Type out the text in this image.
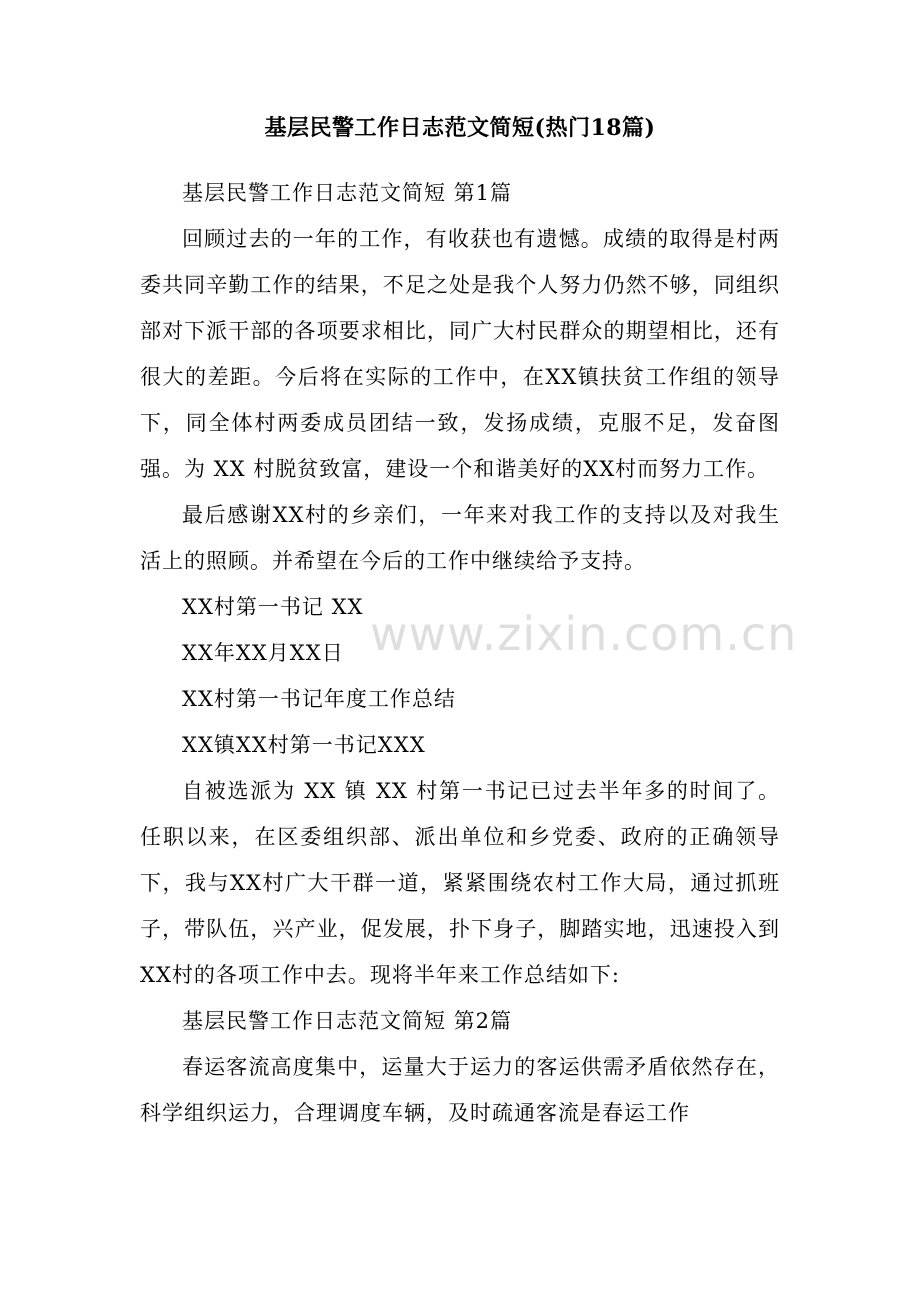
基层民警工作日志范文简短(热门18篇)

基层民警工作日志范文简短 第1篇

回顾过去的一年的工作，有收获也有遗憾。成绩的取得是村两委共同辛勤工作的结果，不足之处是我个人努力仍然不够，同组织部对下派干部的各项要求相比，同广大村民群众的期望相比，还有很大的差距。今后将在实际的工作中，在XX镇扶贫工作组的领导下，同全体村两委成员团结一致，发扬成绩，克服不足，发奋图强。为 XX 村脱贫致富，建设一个和谐美好的XX村而努力工作。

最后感谢XX村的乡亲们，一年来对我工作的支持以及对我生活上的照顾。并希望在今后的工作中继续给予支持。

XX村第一书记 XX

XX年XX月XX日

XX村第一书记年度工作总结

XX镇XX村第一书记XXX

自被选派为 XX 镇 XX 村第一书记已过去半年多的时间了。任职以来，在区委组织部、派出单位和乡党委、政府的正确领导下，我与XX村广大干群一道，紧紧围绕农村工作大局，通过抓班子，带队伍，兴产业，促发展，扑下身子，脚踏实地，迅速投入到XX村的各项工作中去。现将半年来工作总结如下:

基层民警工作日志范文简短 第2篇

春运客流高度集中，运量大于运力的客运供需矛盾依然存在，科学组织运力，合理调度车辆，及时疏通客流是春运工作

www.zixin.com.cn
